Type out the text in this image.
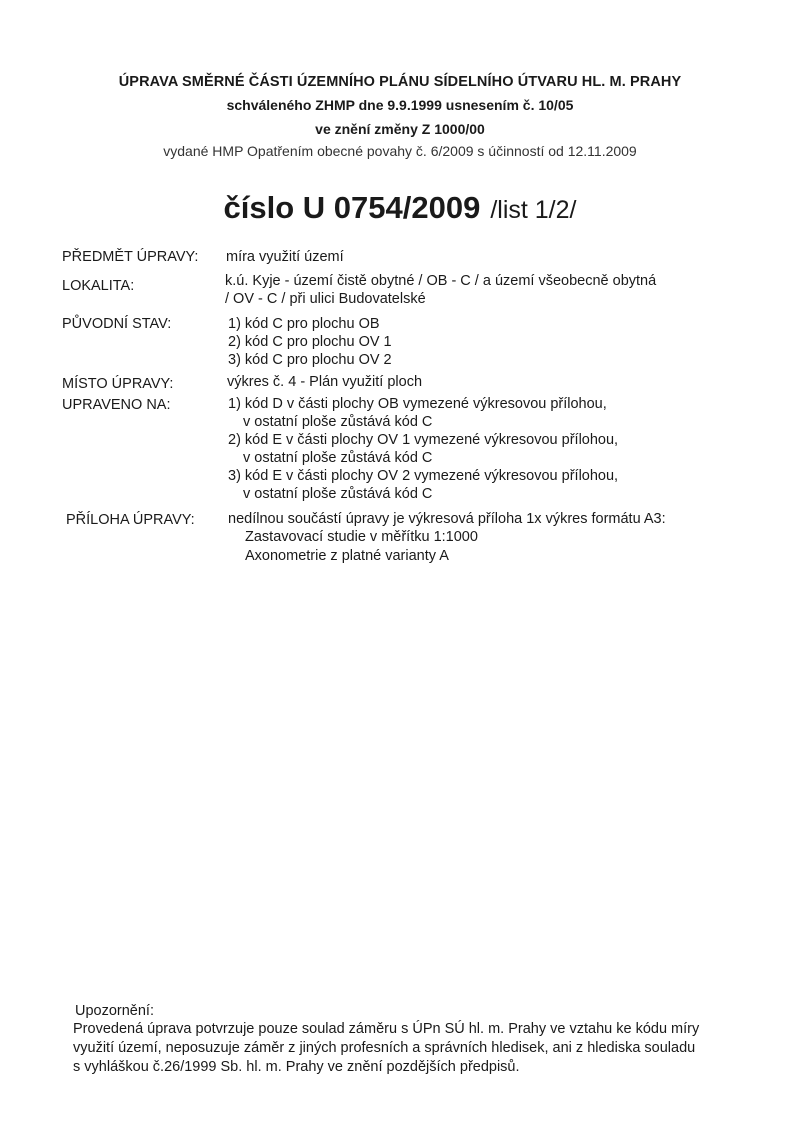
ÚPRAVA SMĚRNÉ ČÁSTI ÚZEMNÍHO PLÁNU SÍDELNÍHO ÚTVARU HL. M. PRAHY
schváleného ZHMP dne 9.9.1999 usnesením č. 10/05
ve znění změny Z 1000/00
vydané HMP Opatřením obecné povahy č. 6/2009 s účinností od 12.11.2009
číslo U 0754/2009 /list 1/2/
PŘEDMĚT ÚPRAVY: míra využití území
LOKALITA:	k.ú. Kyje - území čistě obytné / OB - C / a území všeobecně obytná
/ OV - C / při ulici Budovatelské
PŮVODNÍ STAV:	1) kód C pro plochu OB
2) kód C pro plochu OV 1
3) kód C pro plochu OV 2
MÍSTO ÚPRAVY:	výkres č. 4 - Plán využití ploch
UPRAVENO NA:	1) kód D v části plochy OB vymezené výkresovou přílohou,
v ostatní ploše zůstává kód C
2) kód E v části plochy OV 1 vymezené výkresovou přílohou,
v ostatní ploše zůstává kód C
3) kód E v části plochy OV 2 vymezené výkresovou přílohou,
v ostatní ploše zůstává kód C
PŘÍLOHA ÚPRAVY: nedílnou součástí úpravy je výkresová příloha 1x výkres formátu A3:
Zastavovací studie v měřítku 1:1000
Axonometrie z platné varianty A
Upozornění:
Provedená úprava potvrzuje pouze soulad záměru s ÚPn SÚ hl. m. Prahy ve vztahu ke kódu míry
využití území, neposuzuje záměr z jiných profesních a správních hledisek, ani z hlediska souladu
s vyhláškou č.26/1999 Sb. hl. m. Prahy ve znění pozdějších předpisů.
